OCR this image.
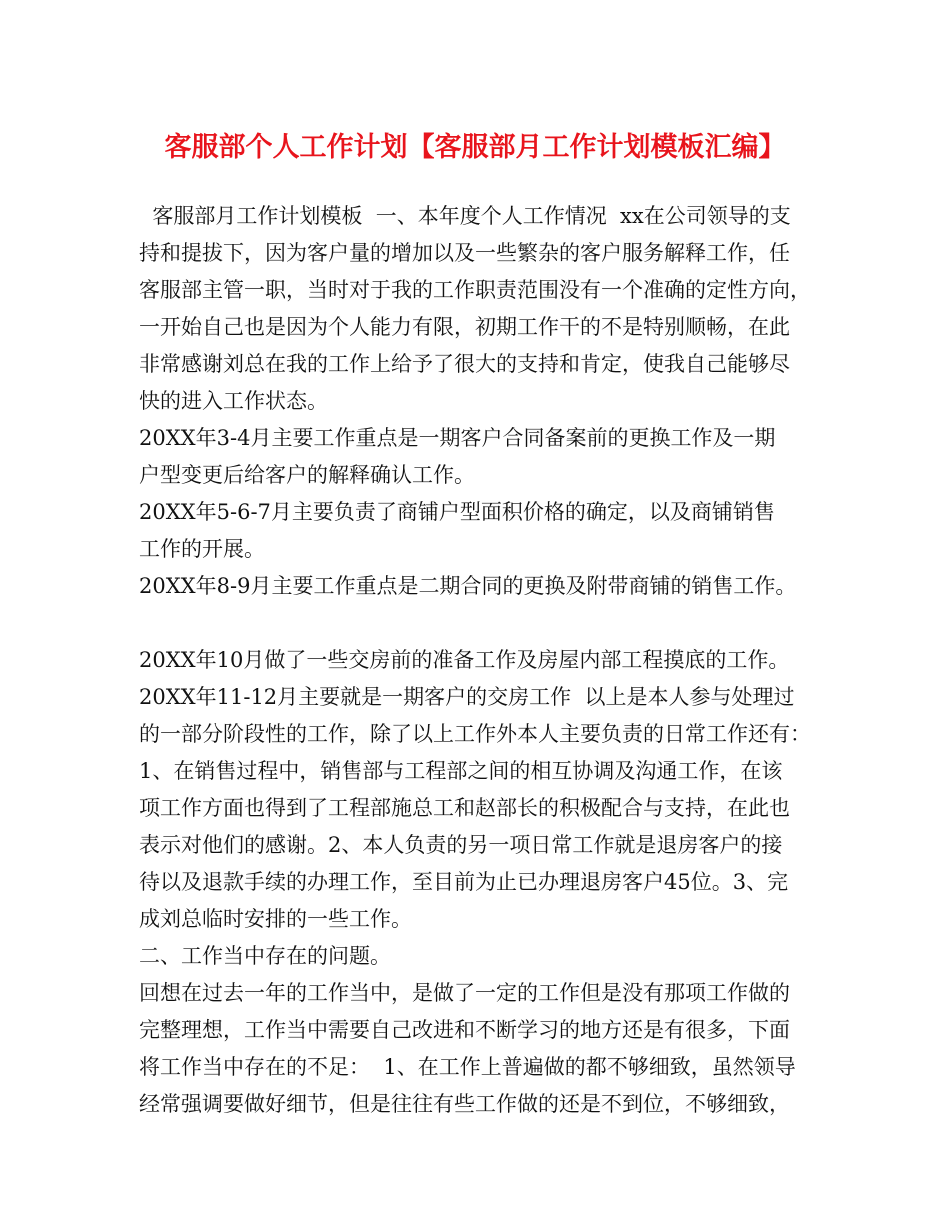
客服部个人工作计划【客服部月工作计划模板汇编】
客服部月工作计划模板  一、本年度个人工作情况  xx在公司领导的支
持和提拔下，因为客户量的增加以及一些繁杂的客户服务解释工作，任
客服部主管一职，当时对于我的工作职责范围没有一个准确的定性方向，
一开始自己也是因为个人能力有限，初期工作干的不是特别顺畅，在此
非常感谢刘总在我的工作上给予了很大的支持和肯定，使我自己能够尽
快的进入工作状态。
20XX年3-4月主要工作重点是一期客户合同备案前的更换工作及一期
户型变更后给客户的解释确认工作。
20XX年5-6-7月主要负责了商铺户型面积价格的确定，以及商铺销售
工作的开展。
20XX年8-9月主要工作重点是二期合同的更换及附带商铺的销售工作。
20XX年10月做了一些交房前的准备工作及房屋内部工程摸底的工作。
20XX年11-12月主要就是一期客户的交房工作  以上是本人参与处理过
的一部分阶段性的工作，除了以上工作外本人主要负责的日常工作还有：
1、在销售过程中，销售部与工程部之间的相互协调及沟通工作，在该
项工作方面也得到了工程部施总工和赵部长的积极配合与支持，在此也
表示对他们的感谢。2、本人负责的另一项日常工作就是退房客户的接
待以及退款手续的办理工作，至目前为止已办理退房客户45位。3、完
成刘总临时安排的一些工作。
二、工作当中存在的问题。
回想在过去一年的工作当中，是做了一定的工作但是没有那项工作做的
完整理想，工作当中需要自己改进和不断学习的地方还是有很多，下面
将工作当中存在的不足：  1、在工作上普遍做的都不够细致，虽然领导
经常强调要做好细节，但是往往有些工作做的还是不到位，不够细致，
